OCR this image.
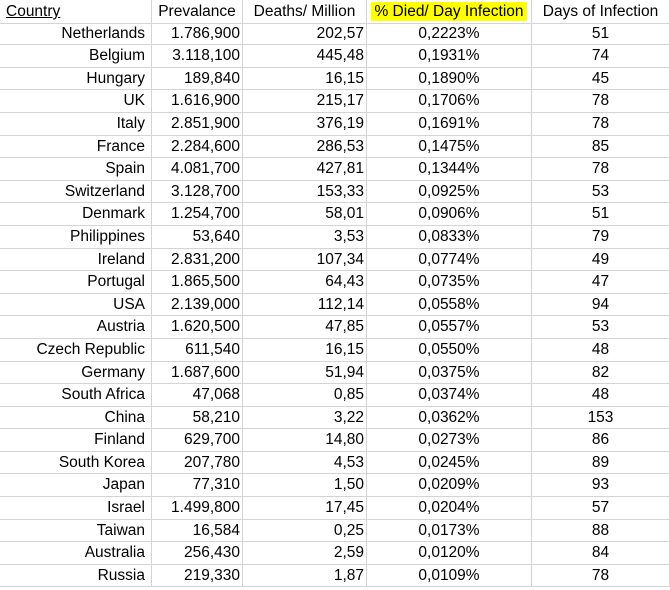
Country	Prevalance	Deaths/ Million	% Died/ Day Infection	Days of Infection
Netherlands	1.786,900	202,57	0,2223%	51
Belgium	3.118,100	445,48	0,1931%	74
Hungary	189,840	16,15	0,1890%	45
UK	1.616,900	215,17	0,1706%	78
Italy	2.851,900	376,19	0,1691%	78
France	2.284,600	286,53	0,1475%	85
Spain	4.081,700	427,81	0,1344%	78
Switzerland	3.128,700	153,33	0,0925%	53
Denmark	1.254,700	58,01	0,0906%	51
Philippines	53,640	3,53	0,0833%	79
Ireland	2.831,200	107,34	0,0774%	49
Portugal	1.865,500	64,43	0,0735%	47
USA	2.139,000	112,14	0,0558%	94
Austria	1.620,500	47,85	0,0557%	53
Czech Republic	611,540	16,15	0,0550%	48
Germany	1.687,600	51,94	0,0375%	82
South Africa	47,068	0,85	0,0374%	48
China	58,210	3,22	0,0362%	153
Finland	629,700	14,80	0,0273%	86
South Korea	207,780	4,53	0,0245%	89
Japan	77,310	1,50	0,0209%	93
Israel	1.499,800	17,45	0,0204%	57
Taiwan	16,584	0,25	0,0173%	88
Australia	256,430	2,59	0,0120%	84
Russia	219,330	1,87	0,0109%	78
